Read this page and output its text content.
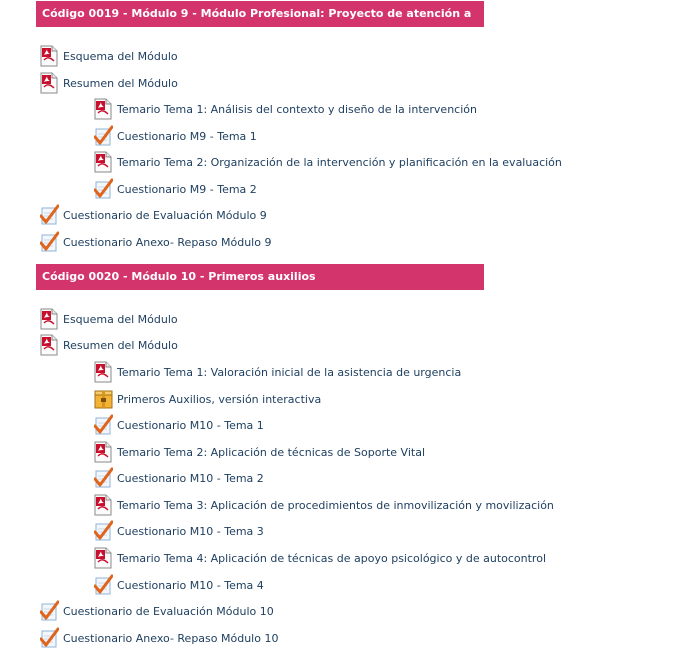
Código 0019 - Módulo 9 - Módulo Profesional: Proyecto de atención a la infancia
Esquema del Módulo
Resumen del Módulo
Temario Tema 1: Análisis del contexto y diseño de la intervención
Cuestionario M9 - Tema 1
Temario Tema 2: Organización de la intervención y planificación en la evaluación
Cuestionario M9 - Tema 2
Cuestionario de Evaluación Módulo 9
Cuestionario Anexo- Repaso Módulo 9
Código 0020 - Módulo 10 - Primeros auxilios
Esquema del Módulo
Resumen del Módulo
Temario Tema 1: Valoración inicial de la asistencia de urgencia
Primeros Auxilios, versión interactiva
Cuestionario M10 - Tema 1
Temario Tema 2: Aplicación de técnicas de Soporte Vital
Cuestionario M10 - Tema 2
Temario Tema 3: Aplicación de procedimientos de inmovilización y movilización
Cuestionario M10 - Tema 3
Temario Tema 4: Aplicación de técnicas de apoyo psicológico y de autocontrol
Cuestionario M10 - Tema 4
Cuestionario de Evaluación Módulo 10
Cuestionario Anexo- Repaso Módulo 10
